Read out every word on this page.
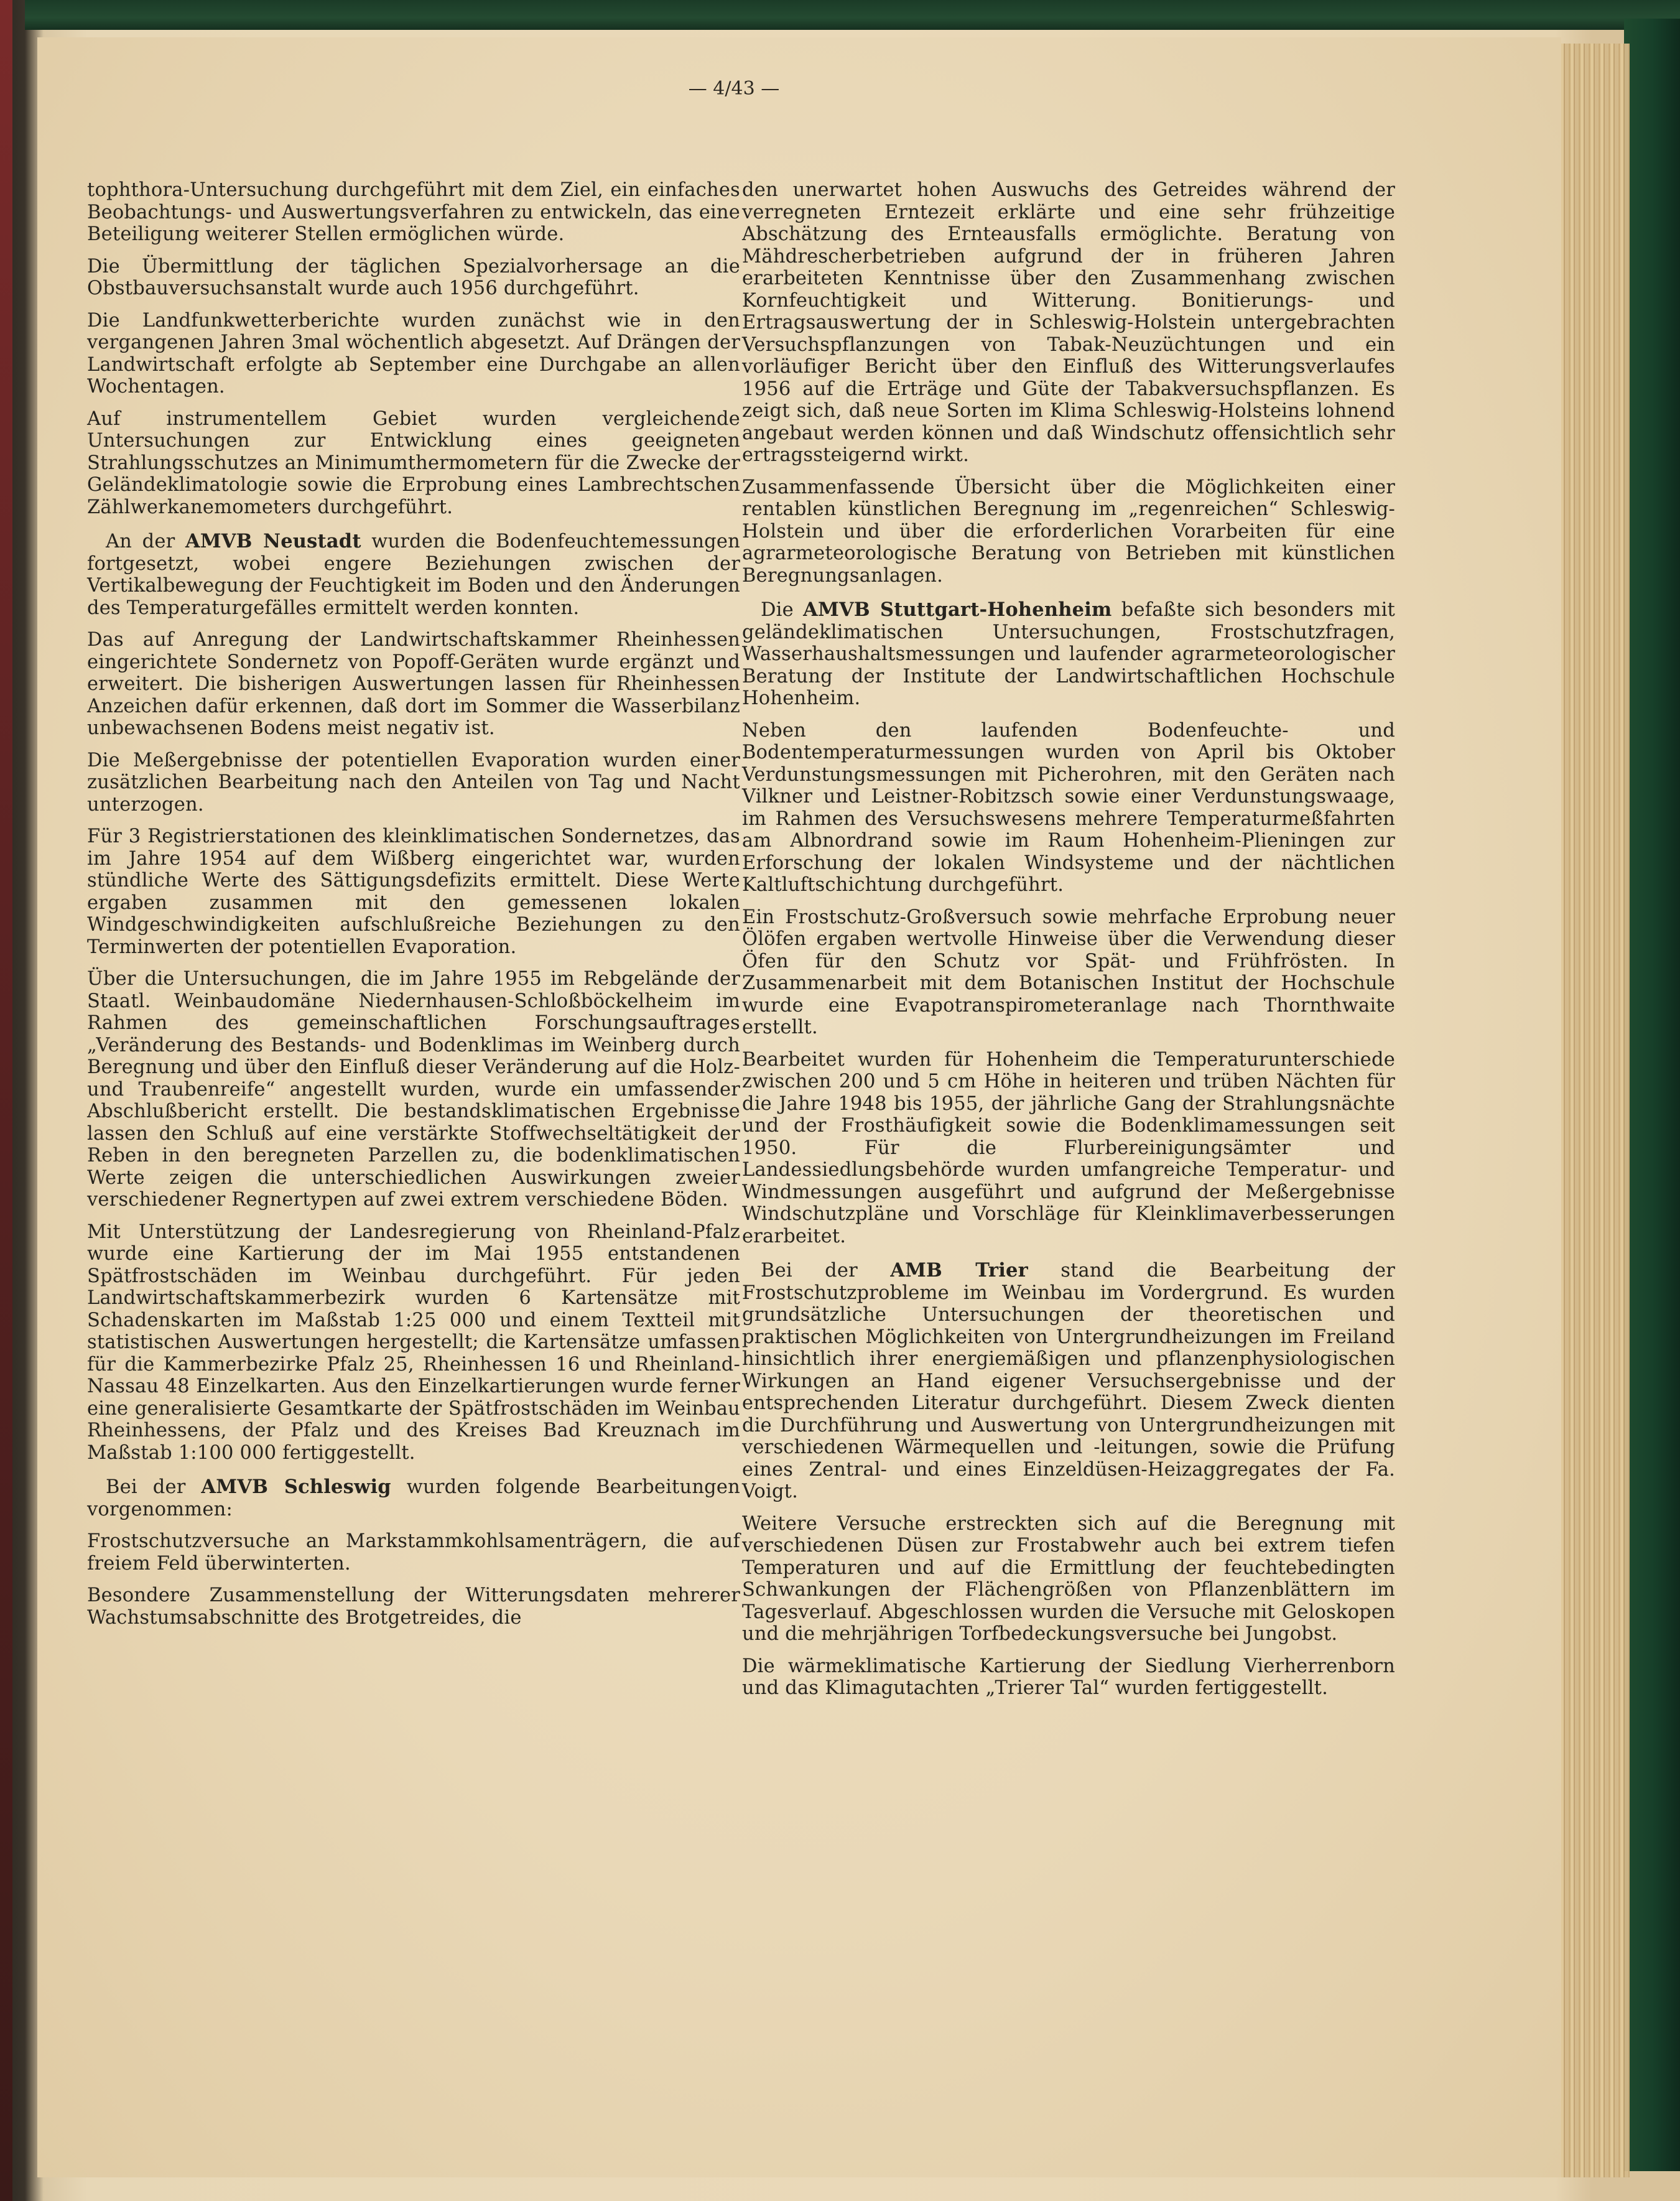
— 4/43 —

tophthora-Untersuchung durchgeführt mit dem Ziel, ein einfaches Beobachtungs- und Auswertungsverfahren zu entwickeln, das eine Beteiligung weiterer Stellen ermöglichen würde.

Die Übermittlung der täglichen Spezialvorhersage an die Obstbauversuchsanstalt wurde auch 1956 durchgeführt.

Die Landfunkwetterberichte wurden zunächst wie in den vergangenen Jahren 3mal wöchentlich abgesetzt. Auf Drängen der Landwirtschaft erfolgte ab September eine Durchgabe an allen Wochentagen.

Auf instrumentellem Gebiet wurden vergleichende Untersuchungen zur Entwicklung eines geeigneten Strahlungsschutzes an Minimumthermometern für die Zwecke der Geländeklimatologie sowie die Erprobung eines Lambrechtschen Zählwerkanemometers durchgeführt.

An der AMVB Neustadt wurden die Bodenfeuchtemessungen fortgesetzt, wobei engere Beziehungen zwischen der Vertikalbewegung der Feuchtigkeit im Boden und den Änderungen des Temperaturgefälles ermittelt werden konnten.

Das auf Anregung der Landwirtschaftskammer Rheinhessen eingerichtete Sondernetz von Popoff-Geräten wurde ergänzt und erweitert. Die bisherigen Auswertungen lassen für Rheinhessen Anzeichen dafür erkennen, daß dort im Sommer die Wasserbilanz unbewachsenen Bodens meist negativ ist.

Die Meßergebnisse der potentiellen Evaporation wurden einer zusätzlichen Bearbeitung nach den Anteilen von Tag und Nacht unterzogen.

Für 3 Registrierstationen des kleinklimatischen Sondernetzes, das im Jahre 1954 auf dem Wißberg eingerichtet war, wurden stündliche Werte des Sättigungsdefizits ermittelt. Diese Werte ergaben zusammen mit den gemessenen lokalen Windgeschwindigkeiten aufschlußreiche Beziehungen zu den Terminwerten der potentiellen Evaporation.

Über die Untersuchungen, die im Jahre 1955 im Rebgelände der Staatl. Weinbaudomäne Niedernhausen-Schloßböckelheim im Rahmen des gemeinschaftlichen Forschungsauftrages „Veränderung des Bestands- und Bodenklimas im Weinberg durch Beregnung und über den Einfluß dieser Veränderung auf die Holz- und Traubenreife“ angestellt wurden, wurde ein umfassender Abschlußbericht erstellt. Die bestandsklimatischen Ergebnisse lassen den Schluß auf eine verstärkte Stoffwechseltätigkeit der Reben in den beregneten Parzellen zu, die bodenklimatischen Werte zeigen die unterschiedlichen Auswirkungen zweier verschiedener Regnertypen auf zwei extrem verschiedene Böden.

Mit Unterstützung der Landesregierung von Rheinland-Pfalz wurde eine Kartierung der im Mai 1955 entstandenen Spätfrostschäden im Weinbau durchgeführt. Für jeden Landwirtschaftskammerbezirk wurden 6 Kartensätze mit Schadenskarten im Maßstab 1:25 000 und einem Textteil mit statistischen Auswertungen hergestellt; die Kartensätze umfassen für die Kammerbezirke Pfalz 25, Rheinhessen 16 und Rheinland-Nassau 48 Einzelkarten. Aus den Einzelkartierungen wurde ferner eine generalisierte Gesamtkarte der Spätfrostschäden im Weinbau Rheinhessens, der Pfalz und des Kreises Bad Kreuznach im Maßstab 1:100 000 fertiggestellt.

Bei der AMVB Schleswig wurden folgende Bearbeitungen vorgenommen:

Frostschutzversuche an Markstammkohlsamenträgern, die auf freiem Feld überwinterten.

Besondere Zusammenstellung der Witterungsdaten mehrerer Wachstumsabschnitte des Brotgetreides, die

den unerwartet hohen Auswuchs des Getreides während der verregneten Erntezeit erklärte und eine sehr frühzeitige Abschätzung des Ernteausfalls ermöglichte. Beratung von Mähdrescherbetrieben aufgrund der in früheren Jahren erarbeiteten Kenntnisse über den Zusammenhang zwischen Kornfeuchtigkeit und Witterung. Bonitierungs- und Ertragsauswertung der in Schleswig-Holstein untergebrachten Versuchspflanzungen von Tabak-Neuzüchtungen und ein vorläufiger Bericht über den Einfluß des Witterungsverlaufes 1956 auf die Erträge und Güte der Tabakversuchspflanzen. Es zeigt sich, daß neue Sorten im Klima Schleswig-Holsteins lohnend angebaut werden können und daß Windschutz offensichtlich sehr ertragssteigernd wirkt.

Zusammenfassende Übersicht über die Möglichkeiten einer rentablen künstlichen Beregnung im „regenreichen“ Schleswig-Holstein und über die erforderlichen Vorarbeiten für eine agrarmeteorologische Beratung von Betrieben mit künstlichen Beregnungsanlagen.

Die AMVB Stuttgart-Hohenheim befaßte sich besonders mit geländeklimatischen Untersuchungen, Frostschutzfragen, Wasserhaushaltsmessungen und laufender agrarmeteorologischer Beratung der Institute der Landwirtschaftlichen Hochschule Hohenheim.

Neben den laufenden Bodenfeuchte- und Bodentemperaturmessungen wurden von April bis Oktober Verdunstungsmessungen mit Picherohren, mit den Geräten nach Vilkner und Leistner-Robitzsch sowie einer Verdunstungswaage, im Rahmen des Versuchswesens mehrere Temperaturmeßfahrten am Albnordrand sowie im Raum Hohenheim-Plieningen zur Erforschung der lokalen Windsysteme und der nächtlichen Kaltluftschichtung durchgeführt.

Ein Frostschutz-Großversuch sowie mehrfache Erprobung neuer Ölöfen ergaben wertvolle Hinweise über die Verwendung dieser Öfen für den Schutz vor Spät- und Frühfrösten. In Zusammenarbeit mit dem Botanischen Institut der Hochschule wurde eine Evapotranspirometeranlage nach Thornthwaite erstellt.

Bearbeitet wurden für Hohenheim die Temperaturunterschiede zwischen 200 und 5 cm Höhe in heiteren und trüben Nächten für die Jahre 1948 bis 1955, der jährliche Gang der Strahlungsnächte und der Frosthäufigkeit sowie die Bodenklimamessungen seit 1950. Für die Flurbereinigungsämter und Landessiedlungsbehörde wurden umfangreiche Temperatur- und Windmessungen ausgeführt und aufgrund der Meßergebnisse Windschutzpläne und Vorschläge für Kleinklimaverbesserungen erarbeitet.

Bei der AMB Trier stand die Bearbeitung der Frostschutzprobleme im Weinbau im Vordergrund. Es wurden grundsätzliche Untersuchungen der theoretischen und praktischen Möglichkeiten von Untergrundheizungen im Freiland hinsichtlich ihrer energiemäßigen und pflanzenphysiologischen Wirkungen an Hand eigener Versuchsergebnisse und der entsprechenden Literatur durchgeführt. Diesem Zweck dienten die Durchführung und Auswertung von Untergrundheizungen mit verschiedenen Wärmequellen und -leitungen, sowie die Prüfung eines Zentral- und eines Einzeldüsen-Heizaggregates der Fa. Voigt.

Weitere Versuche erstreckten sich auf die Beregnung mit verschiedenen Düsen zur Frostabwehr auch bei extrem tiefen Temperaturen und auf die Ermittlung der feuchtebedingten Schwankungen der Flächengrößen von Pflanzenblättern im Tagesverlauf. Abgeschlossen wurden die Versuche mit Geloskopen und die mehrjährigen Torfbedeckungsversuche bei Jungobst.

Die wärmeklimatische Kartierung der Siedlung Vierherrenborn und das Klimagutachten „Trierer Tal“ wurden fertiggestellt.
